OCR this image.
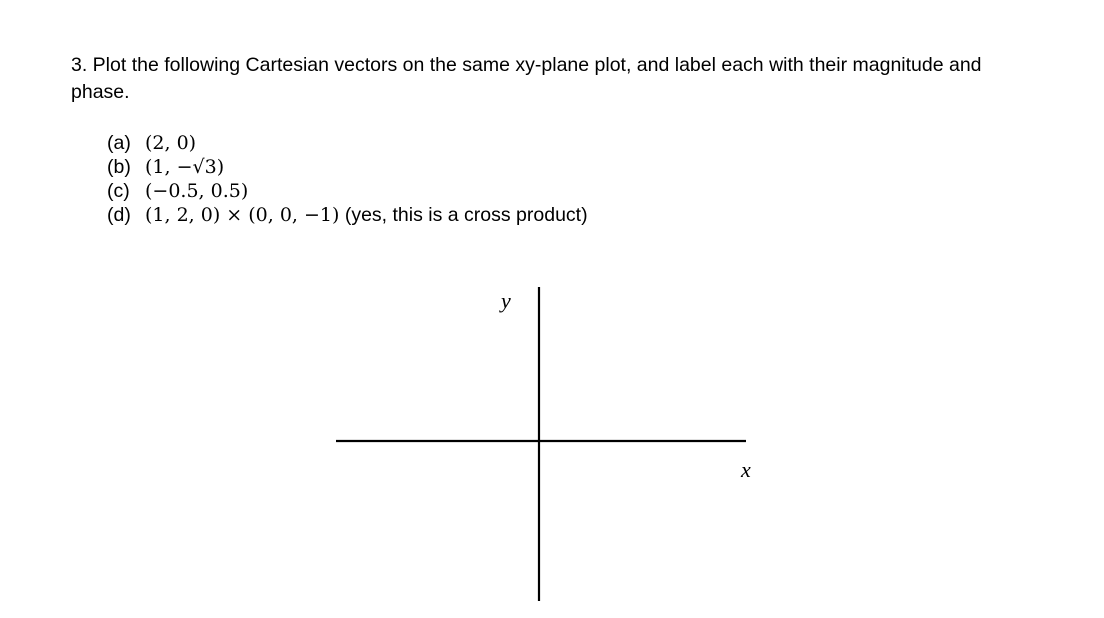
3. Plot the following Cartesian vectors on the same xy-plane plot, and label each with their magnitude and phase.
(a) (2, 0)
(b) (1, −√3)
(c) (−0.5, 0.5)
(d) (1, 2, 0) × (0, 0, −1) (yes, this is a cross product)
y
x
